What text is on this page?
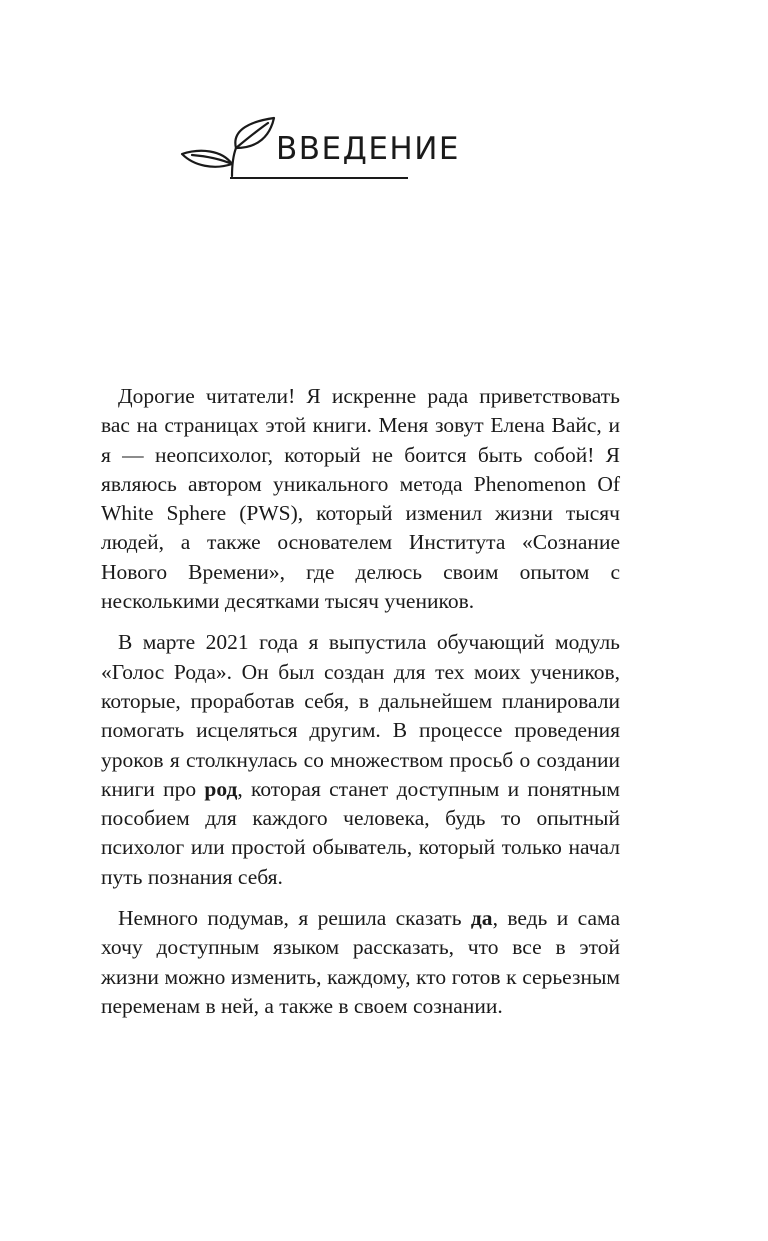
ВВЕДЕНИЕ

Дорогие читатели! Я искренне рада приветствовать вас на страницах этой книги. Меня зовут Елена Вайс, и я — неопсихолог, который не боится быть собой! Я являюсь автором уникального метода Phenomenon Of White Sphere (PWS), который изменил жизни тысяч людей, а также основателем Института «Сознание Нового Времени», где делюсь своим опытом с несколькими десятками тысяч учеников.

В марте 2021 года я выпустила обучающий модуль «Голос Рода». Он был создан для тех моих учеников, которые, проработав себя, в дальнейшем планировали помогать исцеляться другим. В процессе проведения уроков я столкнулась со множеством просьб о создании книги про род, которая станет доступным и понятным пособием для каждого человека, будь то опытный психолог или простой обыватель, который только начал путь познания себя.

Немного подумав, я решила сказать да, ведь и сама хочу доступным языком рассказать, что все в этой жизни можно изменить, каждому, кто готов к серьезным переменам в ней, а также в своем сознании.
